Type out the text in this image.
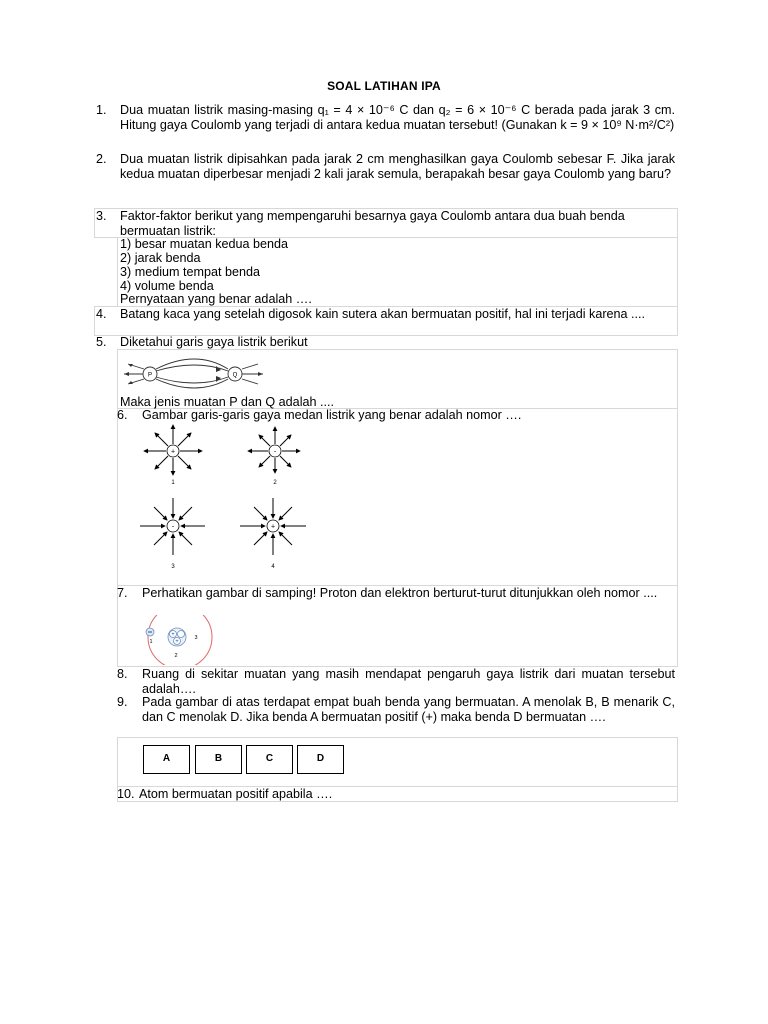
SOAL LATIHAN IPA
1.	Dua muatan listrik masing-masing q₁ = 4 × 10⁻⁶ C dan q₂ = 6 × 10⁻⁶ C berada pada jarak 3 cm. Hitung gaya Coulomb yang terjadi di antara kedua muatan tersebut! (Gunakan k = 9 × 10⁹ N·m²/C²)
2.	Dua muatan listrik dipisahkan pada jarak 2 cm menghasilkan gaya Coulomb sebesar F. Jika jarak kedua muatan diperbesar menjadi 2 kali jarak semula, berapakah besar gaya Coulomb yang baru?
3.	Faktor-faktor berikut yang mempengaruhi besarnya gaya Coulomb antara dua buah benda bermuatan listrik:
1) besar muatan kedua benda
2) jarak benda
3) medium tempat benda
4) volume benda
Pernyataan yang benar adalah ….
4.	Batang kaca yang setelah digosok kain sutera akan bermuatan positif, hal ini terjadi karena ....
5.	Diketahui garis gaya listrik berikut
P	Q
Maka jenis muatan P dan Q adalah ....
6.	Gambar garis-garis gaya medan listrik yang benar adalah nomor ….
+
1
-
2
-
3
+
4
7.	Perhatikan gambar di samping! Proton dan elektron berturut-turut ditunjukkan oleh nomor ....
+
+
1
2
3
8.	Ruang di sekitar muatan yang masih mendapat pengaruh gaya listrik dari muatan tersebut adalah….
9.	Pada gambar di atas terdapat empat buah benda yang bermuatan. A menolak B, B menarik C, dan C menolak D. Jika benda A bermuatan positif (+) maka benda D bermuatan ….
A	B	C	D
10. Atom bermuatan positif apabila ….
